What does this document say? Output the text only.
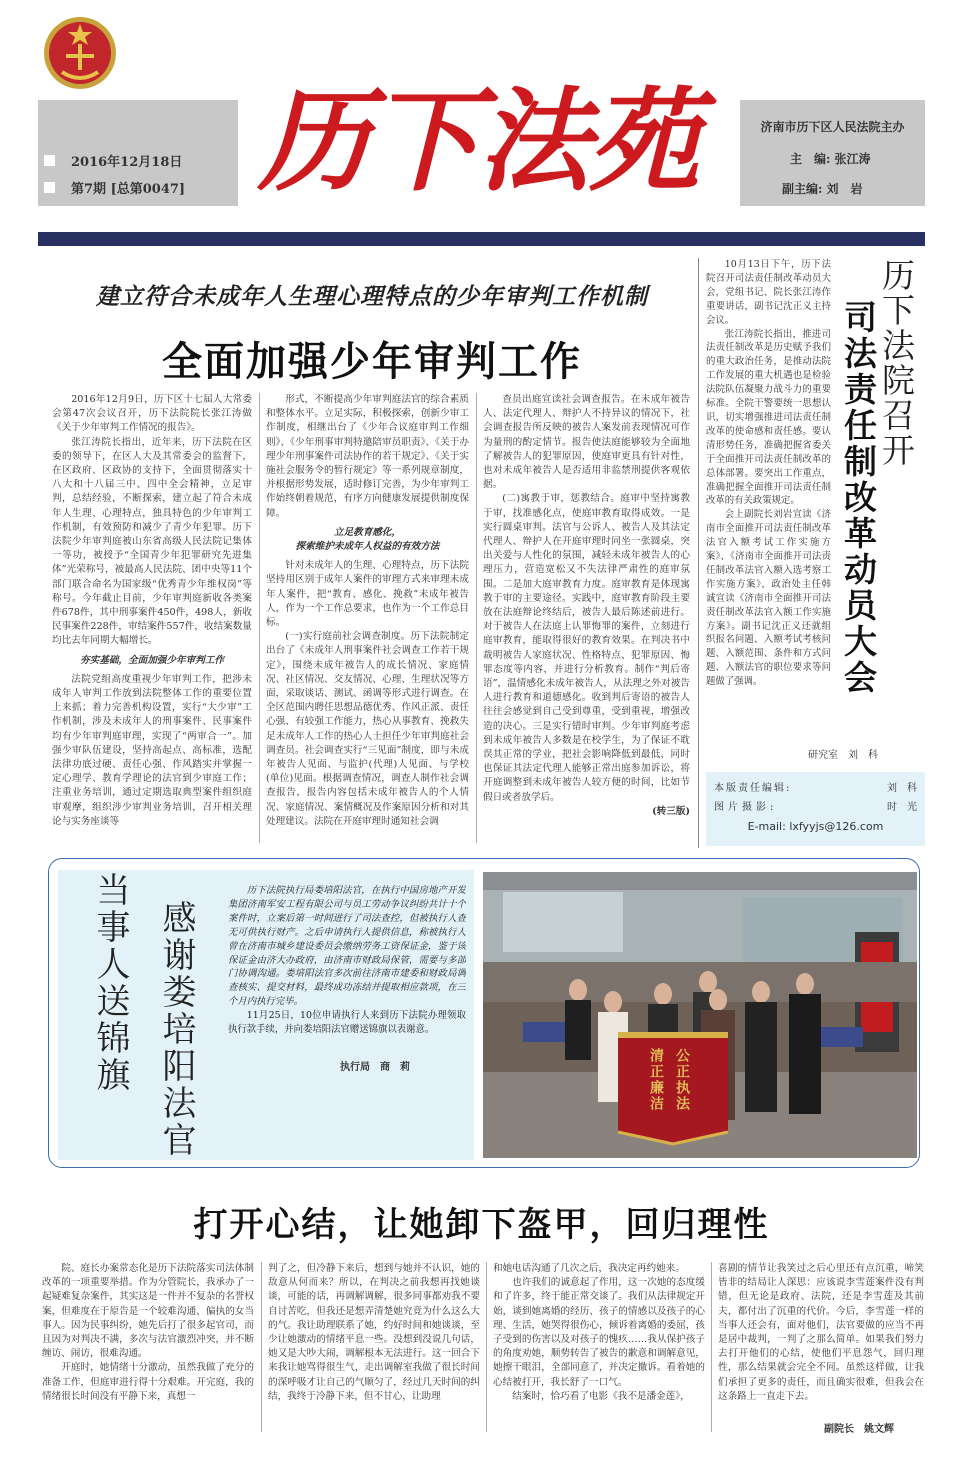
2016年12月18日
第7期 [总第0047] 历下法苑	济南市历下区人民法院主办
主　编: 张江涛
副主编: 刘　岩
建立符合未成年人生理心理特点的少年审判工作机制
全面加强少年审判工作

2016年12月9日，历下区十七届人大常委会第47次会议召开，历下法院院长张江涛做《关于少年审判工作情况的报告》。

张江涛院长指出，近年来，历下法院在区委的领导下，在区人大及其常委会的监督下，在区政府、区政协的支持下，全面贯彻落实十八大和十八届三中、四中全会精神，立足审判，总结经验，不断探索，建立起了符合未成年人生理、心理特点，独具特色的少年审判工作机制，有效预防和减少了青少年犯罪。历下法院少年审判庭被山东省高级人民法院记集体一等功，被授予“全国青少年犯罪研究先进集体”光荣称号，被最高人民法院、团中央等11个部门联合命名为国家级“优秀青少年维权岗”等称号。今年截止目前，少年审判庭新收各类案件678件，其中刑事案件450件，498人，新收民事案件228件，审结案件557件，收结案数量均比去年同期大幅增长。

夯实基础，全面加强少年审判工作

法院党组高度重视少年审判工作，把涉未成年人审判工作放到法院整体工作的重要位置上来抓；着力完善机构设置，实行“大少审”工作机制，涉及未成年人的刑事案件、民事案件均有少年审判庭审理，实现了“两审合一”。加强少审队伍建设，坚持高起点、高标准，选配法律功底过硬、责任心强、作风踏实并掌握一定心理学、教育学理论的法官到少审庭工作；注重业务培训，通过定期选取典型案件组织庭审观摩，组织涉少审判业务培训，召开相关理论与实务座谈等

形式，不断提高少年审判庭法官的综合素质和整体水平。立足实际，积极探索，创新少审工作制度，相继出台了《少年合议庭审判工作细则》、《少年刑事审判特邀陪审员职责》、《关于办理少年刑事案件司法协作的若干规定》、《关于实施社会服务令的暂行规定》等一系列规章制度，并根据形势发展，适时修订完善，为少年审判工作始终朝着规范，有序方向健康发展提供制度保障。

立足教育感化，

探索维护未成年人权益的有效方法

针对未成年人的生理、心理特点，历下法院坚持用区别于成年人案件的审理方式来审理未成年人案件，把“教育、感化、挽救”未成年被告人，作为一个工作总要求，也作为一个工作总目标。

(一)实行庭前社会调查制度。历下法院制定出台了《未成年人刑事案件社会调查工作若干规定》，围绕未成年被告人的成长情况、家庭情况、社区情况、交友情况、心理、生理状况等方面，采取谈话、测试、函调等形式进行调查。在全区范围内聘任思想品德优秀、作风正派、责任心强、有较强工作能力，热心从事教育、挽救失足未成年人工作的热心人士担任少年审判庭社会调查员。社会调查实行“三见面”制度，即与未成年被告人见面、与监护(代理)人见面、与学校(单位)见面。根据调查情况，调查人制作社会调查报告，报告内容包括未成年被告人的个人情况、家庭情况、案情概况及作案原因分析和对其处理建议。法院在开庭审理时通知社会调

查员出庭宣读社会调查报告。在未成年被告人、法定代理人、辩护人不持异议的情况下，社会调查报告所反映的被告人案发前表现情况可作为量刑的酌定情节。报告使法庭能够较为全面地了解被告人的犯罪原因，使庭审更具有针对性，也对未成年被告人是否适用非监禁刑提供客观依据。

(二)寓教于审，惩教结合。庭审中坚持寓教于审，找准感化点，使庭审教育取得成效。一是实行圆桌审判。法官与公诉人、被告人及其法定代理人、辩护人在开庭审理时同坐一张圆桌，突出关爱与人性化的氛围，减轻未成年被告人的心理压力，营造宽松又不失法律严肃性的庭审氛围。二是加大庭审教育力度。庭审教育是体现寓教于审的主要途径。实践中，庭审教育阶段主要放在法庭辩论终结后，被告人最后陈述前进行。对于被告人在法庭上认罪悔罪的案件，立刻进行庭审教育，能取得很好的教育效果。在判决书中裁明被告人家庭状况、性格特点、犯罪原因、悔罪态度等内容，并进行分析教育。制作“判后寄语”，温情感化未成年被告人，从法理之外对被告人进行教育和道德感化。收到判后寄语的被告人往往会感觉到自己受到尊重，受到重视，增强改造的决心。三是实行错时审判。少年审判庭考虑到未成年被告人多数是在校学生，为了保证不耽误其正常的学业，把社会影响降低到最低，同时也保证其法定代理人能够正常出庭参加诉讼，将开庭调整到未成年被告人较方便的时间，比如节假日或者放学后。

(转三版)

10月13日下午，历下法院召开司法责任制改革动员大会，党组书记、院长张江涛作重要讲话，副书记沈正义主持会议。

张江涛院长指出，推进司法责任制改革是历史赋予我们的重大政治任务，是推动法院工作发展的重大机遇也是检验法院队伍凝聚力战斗力的重要标准。全院干警要统一思想认识，切实增强推进司法责任制改革的使命感和责任感。要认清形势任务，准确把握省委关于全面推开司法责任制改革的总体部署。要突出工作重点，准确把握全面推开司法责任制改革的有关政策规定。

会上副院长刘岩宣读《济南市全面推开司法责任制改革法官入额考试工作实施方案》、《济南市全面推开司法责任制改革法官入额入选考察工作实施方案》，政治处主任韩诚宣读《济南市全面推开司法责任制改革法官入额工作实施方案》。副书记沈正义还就组织报名问题、入额考试考核问题、入额范围、条件和方式问题、入额法官的职位要求等问题做了强调。

历下法院召开
司法责任制改革动员大会
研究室　刘　科
本版责任编辑:	刘　科
图片摄影:	时　光
E-mail: lxfyyjs@126.com
当事人送锦旗 感谢娄培阳法官

历下法院执行局娄培阳法官，在执行中国房地产开发集团济南军安工程有限公司与员工劳动争议纠纷共计十个案件时，立案后第一时间进行了司法查控，但被执行人查无可供执行财产。之后申请执行人提供信息，称被执行人曾在济南市城乡建设委员会缴纳劳务工资保证金，鉴于该保证金由济大办政府，由济南市财政局保管，需要与多部门协调沟通。娄培阳法官多次前往济南市建委和财政局调查核实、提交材料，最终成功冻结并提取相应款项，在三个月内执行完毕。

11月25日，10位申请执行人来到历下法院办理领取执行款手续，并向娄培阳法官赠送锦旗以表谢意。

执行局　商　莉	清正廉洁 公正执法
打开心结，让她卸下盔甲，回归理性

院、庭长办案常态化是历下法院落实司法体制改革的一项重要举措。作为分管院长，我承办了一起疑难复杂案件，其实这是一件并不复杂的名誉权案，但难度在于原告是一个较难沟通、偏执的女当事人。因为民事纠纷，她先后打了很多起官司，而且因为对判决不满，多次与法官激烈冲突，并不断缠访、闹访，很难沟通。

开庭时，她情绪十分激动，虽然我做了充分的准备工作，但庭审进行得十分艰难。开完庭，我的情绪很长时间没有平静下来，真想一

判了之，但冷静下来后，想到与她并不认识，她的敌意从何而来？所以，在判决之前我想再找她谈谈，可能的话，再调解调解，很多同事都劝我不要自讨苦吃，但我还是想弄清楚她究竟为什么这么大的气。我让助理联系了她，约好时间和她谈谈，至少让她激动的情绪平息一些。没想到没说几句话，她又是大吵大闹，调解根本无法进行。这一回合下来我让她骂得很生气，走出调解室我做了很长时间的深呼吸才让自己的气顺匀了，经过几天时间的纠结，我终于冷静下来，但不甘心，让助理

和她电话沟通了几次之后，我决定再约她来。

也许我们的诚意起了作用，这一次她的态度缓和了许多，终于能正常交谈了。我们从法律规定开始，谈到她离婚的经历、孩子的情感以及孩子的心理、生活，她哭得很伤心，倾诉着离婚的委屈，孩子受到的伤害以及对孩子的愧疚……我从保护孩子的角度劝她，顺势转告了被告的歉意和调解意见，她擦干眼泪，全部同意了，并决定撤诉。看着她的心结被打开，我长舒了一口气。

结案时，恰巧看了电影《我不是潘金莲》，

喜剧的情节让我笑过之后心里还有点沉重，啼笑皆非的结局让人深思：应该说李雪莲案件没有判错，但无论是政府、法院，还是李雪莲及其前夫，都付出了沉重的代价。今后，李雪莲一样的当事人还会有，面对他们，法官要做的应当不再是居中裁判，一判了之那么简单。如果我们努力去打开他们的心结，使他们平息怨气，回归理性，那么结果就会完全不同。虽然这样做，让我们承担了更多的责任，而且确实很难，但我会在这条路上一直走下去。

副院长　姚文辉
